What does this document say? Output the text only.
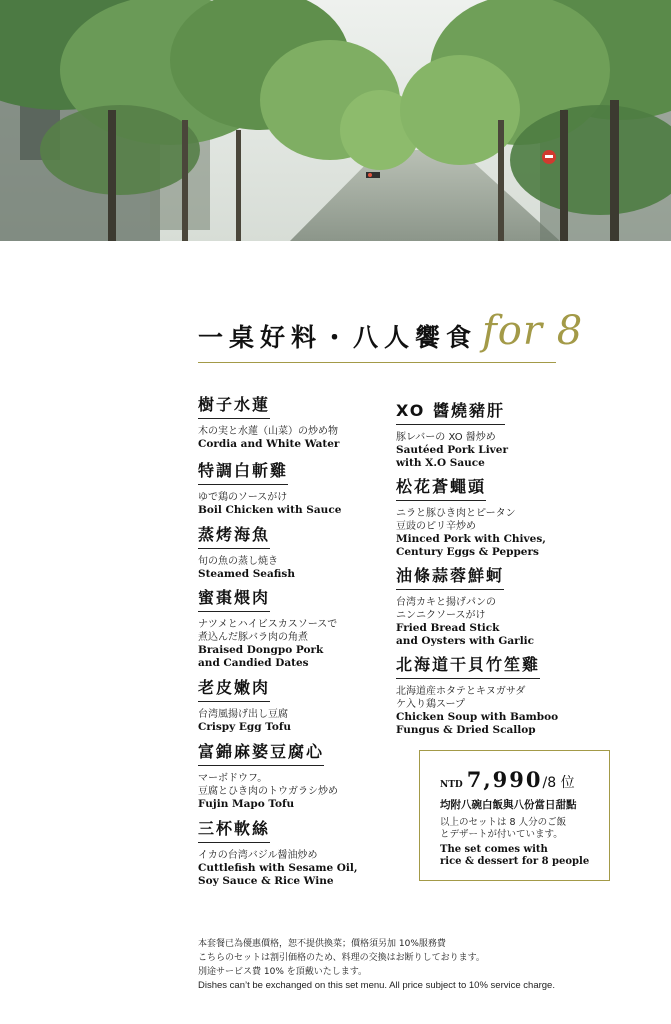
一桌好料・八人饗食 for 8
樹子水蓮
木の実と水蓮（山菜）の炒め物
Cordia and White Water
特調白斬雞
ゆで鶏のソースがけ
Boil Chicken with Sauce
蒸烤海魚
旬の魚の蒸し焼き
Steamed Seafish
蜜棗煨肉
ナツメとハイビスカスソースで
煮込んだ豚バラ肉の角煮
Braised Dongpo Pork
and Candied Dates
老皮嫩肉
台湾風揚げ出し豆腐
Crispy Egg Tofu
富錦麻婆豆腐心
マーボドウフ。
豆腐とひき肉のトウガラシ炒め
Fujin Mapo Tofu
三杯軟絲
イカの台湾バジル醤油炒め
Cuttlefish with Sesame Oil,
Soy Sauce & Rice Wine
XO 醬燒豬肝
豚レバーの XO 醤炒め
Sautéed Pork Liver
with X.O Sauce
松花蒼蠅頭
ニラと豚ひき肉とピータン
豆豉のピリ辛炒め
Minced Pork with Chives,
Century Eggs & Peppers
油條蒜蓉鮮蚵
台湾カキと揚げパンの
ニンニクソースがけ
Fried Bread Stick
and Oysters with Garlic
北海道干貝竹笙雞
北海道産ホタテとキヌガサダ
ケ入り鶏スープ
Chicken Soup with Bamboo
Fungus & Dried Scallop
NTD 7,990/8 位
均附八碗白飯與八份當日甜點
以上のセットは 8 人分のご飯
とデザートが付いています。
The set comes with
rice & dessert for 8 people
本套餐已為優惠價格，恕不提供換菜；價格須另加 10%服務費
こちらのセットは割引価格のため、料理の交換はお断りしております。
別途サービス費 10% を頂戴いたします。
Dishes can’t be exchanged on this set menu. All price subject to 10% service charge.
